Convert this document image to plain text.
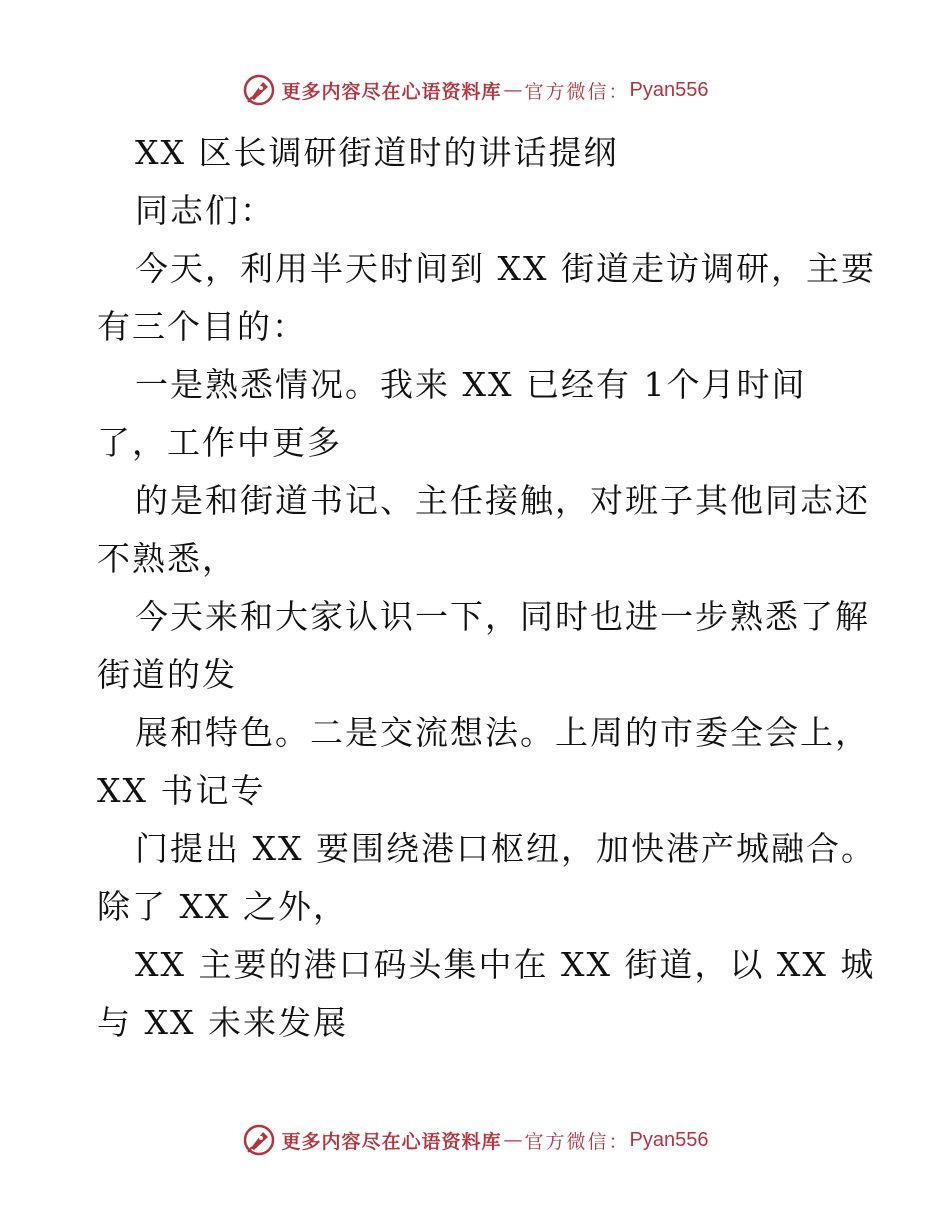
更多内容尽在心语资料库 — 官方微信： Pyan556
XX 区长调研街道时的讲话提纲
同志们：
今天，利用半天时间到 XX 街道走访调研，主要
有三个目的：
一是熟悉情况。我来 XX 已经有 1个月时间
了，工作中更多
的是和街道书记、主任接触，对班子其他同志还
不熟悉，
今天来和大家认识一下，同时也进一步熟悉了解
街道的发
展和特色。二是交流想法。上周的市委全会上，
XX 书记专
门提出 XX 要围绕港口枢纽，加快港产城融合。
除了 XX 之外，
XX 主要的港口码头集中在 XX 街道，以 XX 城
与 XX 未来发展
更多内容尽在心语资料库 — 官方微信： Pyan556
